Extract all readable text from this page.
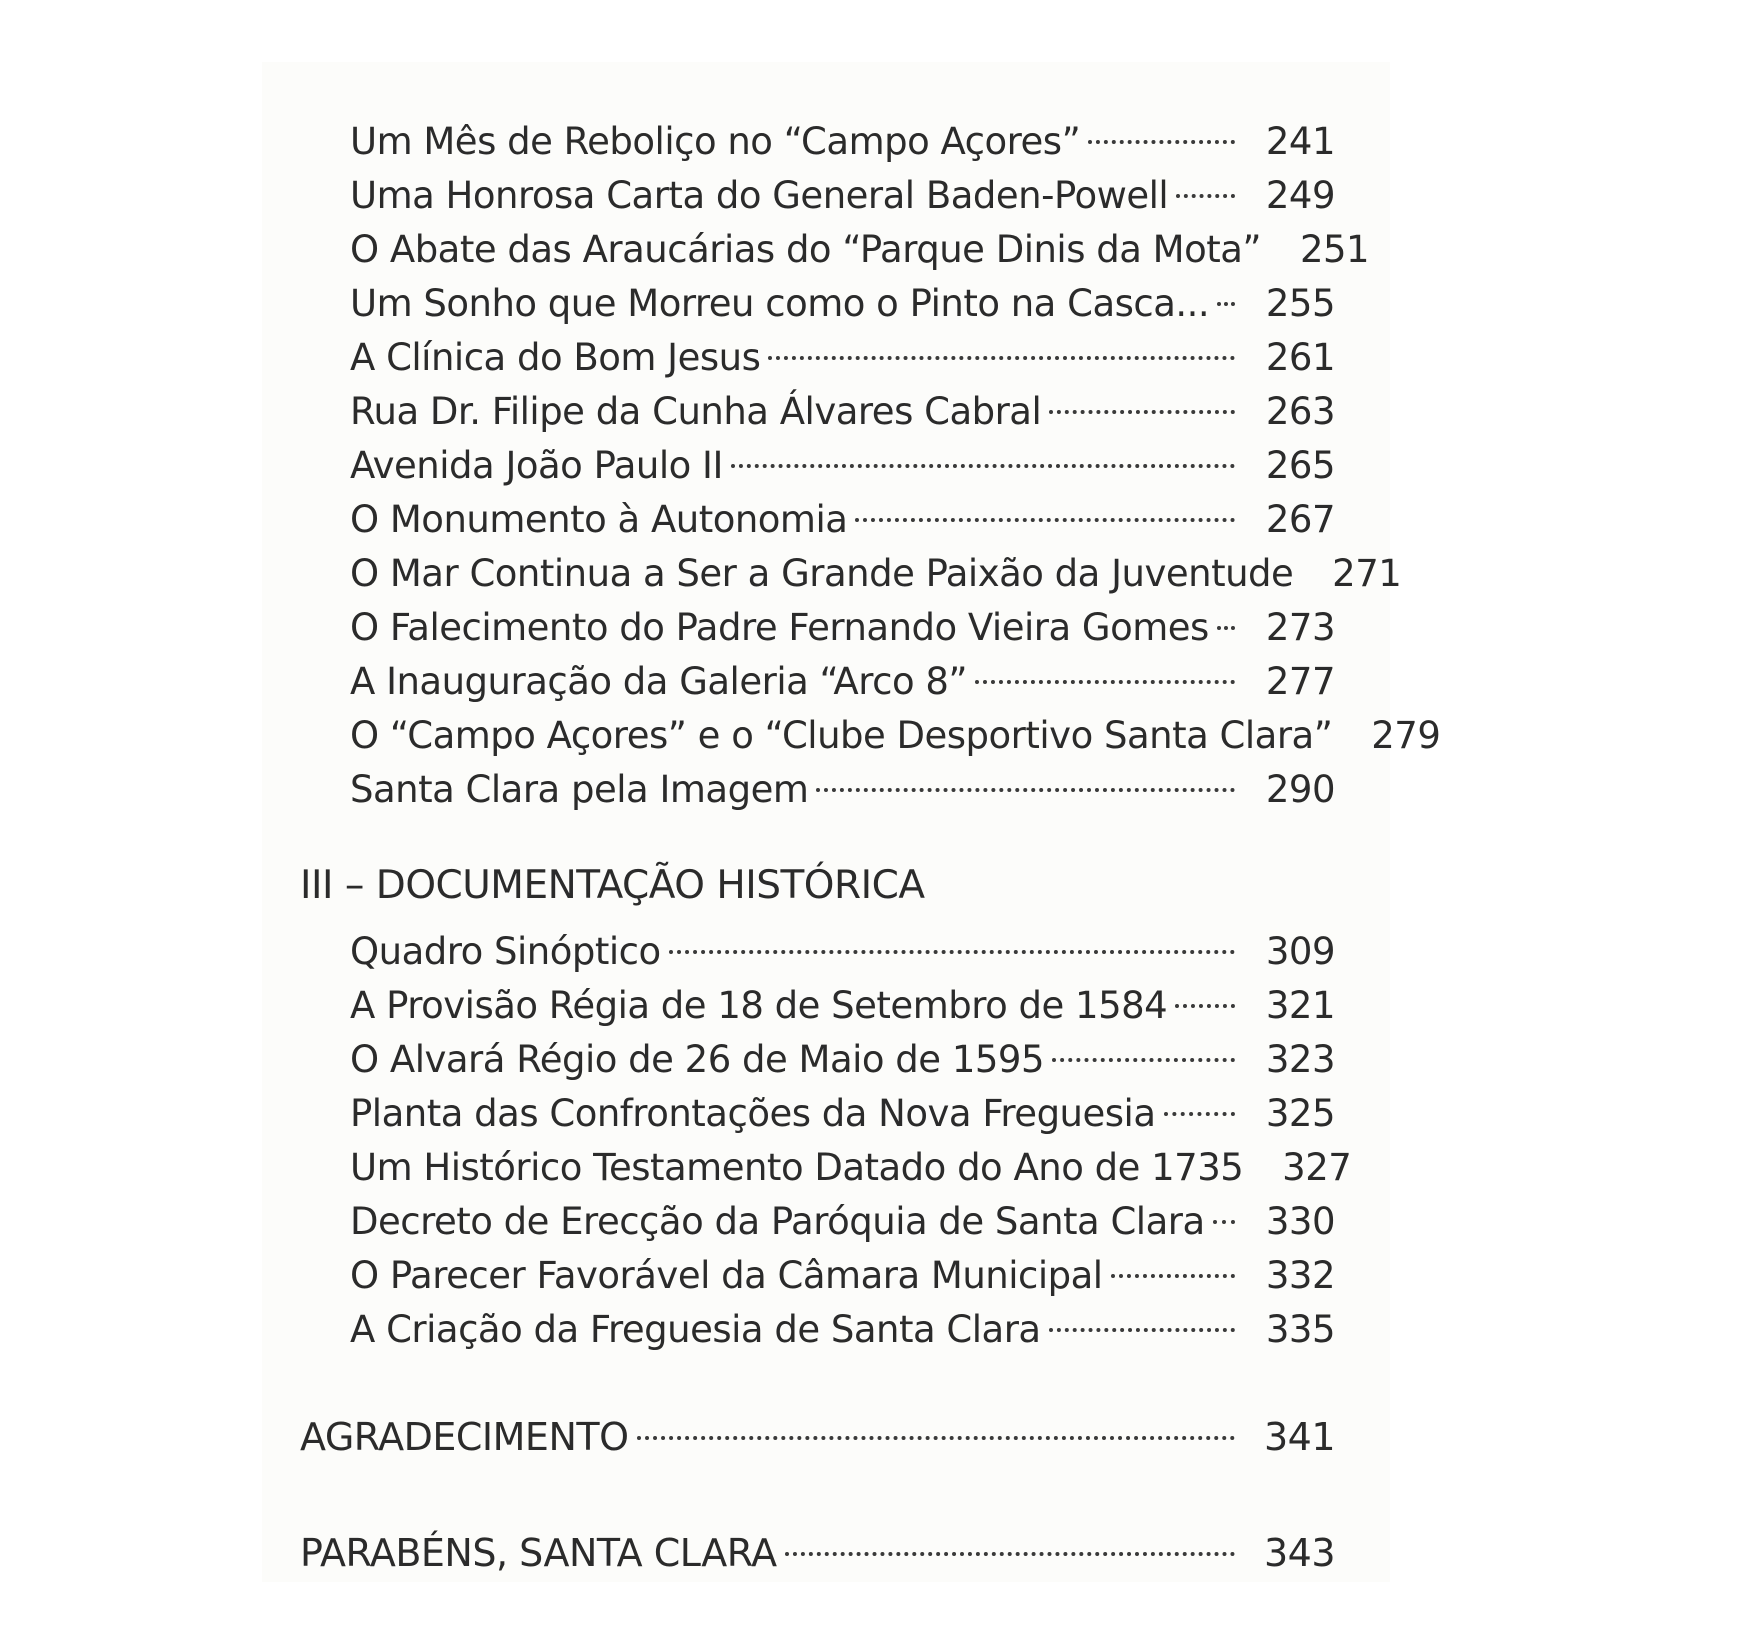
Um Mês de Reboliço no “Campo Açores”	241
Uma Honrosa Carta do General Baden-Powell	249
O Abate das Araucárias do “Parque Dinis da Mota”	251
Um Sonho que Morreu como o Pinto na Casca...	255
A Clínica do Bom Jesus	261
Rua Dr. Filipe da Cunha Álvares Cabral	263
Avenida João Paulo II	265
O Monumento à Autonomia	267
O Mar Continua a Ser a Grande Paixão da Juventude	271
O Falecimento do Padre Fernando Vieira Gomes	273
A Inauguração da Galeria “Arco 8”	277
O “Campo Açores” e o “Clube Desportivo Santa Clara”	279
Santa Clara pela Imagem	290
III – DOCUMENTAÇÃO HISTÓRICA
Quadro Sinóptico	309
A Provisão Régia de 18 de Setembro de 1584	321
O Alvará Régio de 26 de Maio de 1595	323
Planta das Confrontações da Nova Freguesia	325
Um Histórico Testamento Datado do Ano de 1735	327
Decreto de Erecção da Paróquia de Santa Clara	330
O Parecer Favorável da Câmara Municipal	332
A Criação da Freguesia de Santa Clara	335
AGRADECIMENTO	341
PARABÉNS, SANTA CLARA	343
